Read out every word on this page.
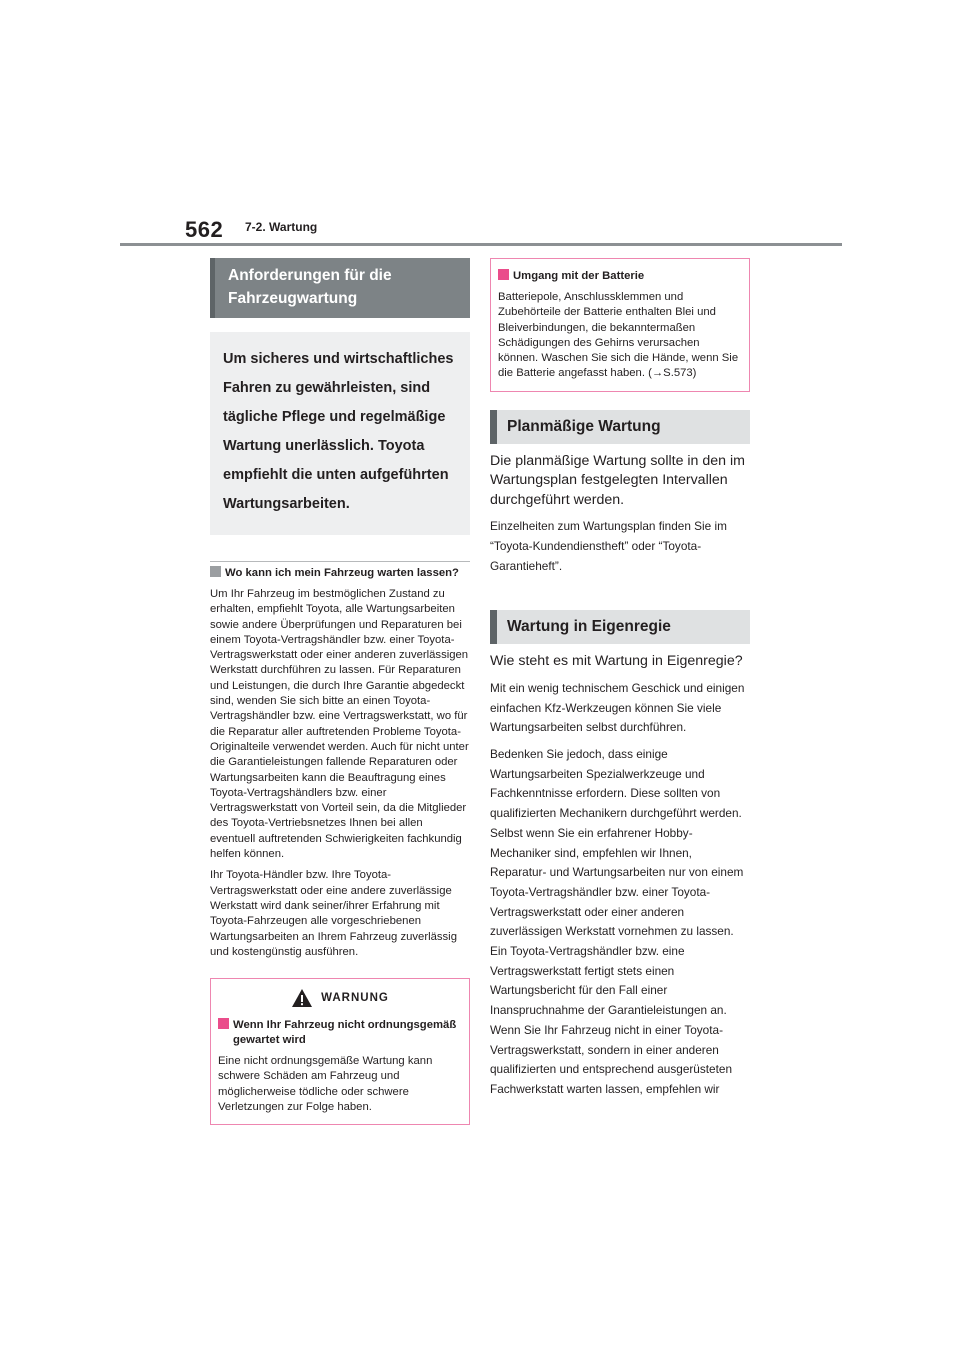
562 7-2. Wartung
Anforderungen für die Fahrzeugwartung
Um sicheres und wirtschaftliches Fahren zu gewährleisten, sind tägliche Pflege und regelmäßige Wartung unerlässlich. Toyota empfiehlt die unten aufgeführten Wartungsarbeiten.
Wo kann ich mein Fahrzeug warten lassen?
Um Ihr Fahrzeug im bestmöglichen Zustand zu erhalten, empfiehlt Toyota, alle Wartungsarbeiten sowie andere Überprüfungen und Reparaturen bei einem Toyota-Vertragshändler bzw. einer Toyota-Vertragswerkstatt oder einer anderen zuverlässigen Werkstatt durchführen zu lassen. Für Reparaturen und Leistungen, die durch Ihre Garantie abgedeckt sind, wenden Sie sich bitte an einen Toyota-Vertragshändler bzw. eine Vertragswerkstatt, wo für die Reparatur aller auftretenden Probleme Toyota-Originalteile verwendet werden. Auch für nicht unter die Garantieleistungen fallende Reparaturen oder Wartungsarbeiten kann die Beauftragung eines Toyota-Vertragshändlers bzw. einer Vertragswerkstatt von Vorteil sein, da die Mitglieder des Toyota-Vertriebsnetzes Ihnen bei allen eventuell auftretenden Schwierigkeiten fachkundig helfen können.
Ihr Toyota-Händler bzw. Ihre Toyota-Vertragswerkstatt oder eine andere zuverlässige Werkstatt wird dank seiner/ihrer Erfahrung mit Toyota-Fahrzeugen alle vorgeschriebenen Wartungsarbeiten an Ihrem Fahrzeug zuverlässig und kostengünstig ausführen.
WARNUNG
Wenn Ihr Fahrzeug nicht ordnungsgemäß gewartet wird
Eine nicht ordnungsgemäße Wartung kann schwere Schäden am Fahrzeug und möglicherweise tödliche oder schwere Verletzungen zur Folge haben.
Umgang mit der Batterie
Batteriepole, Anschlussklemmen und Zubehörteile der Batterie enthalten Blei und Bleiverbindungen, die bekanntermaßen Schädigungen des Gehirns verursachen können. Waschen Sie sich die Hände, wenn Sie die Batterie angefasst haben. (→S.573)
Planmäßige Wartung
Die planmäßige Wartung sollte in den im Wartungsplan festgelegten Intervallen durchgeführt werden.
Einzelheiten zum Wartungsplan finden Sie im “Toyota-Kundendienstheft” oder “Toyota-Garantieheft”.
Wartung in Eigenregie
Wie steht es mit Wartung in Eigenregie?
Mit ein wenig technischem Geschick und einigen einfachen Kfz-Werkzeugen können Sie viele Wartungsarbeiten selbst durchführen.
Bedenken Sie jedoch, dass einige Wartungsarbeiten Spezialwerkzeuge und Fachkenntnisse erfordern. Diese sollten von qualifizierten Mechanikern durchgeführt werden. Selbst wenn Sie ein erfahrener Hobby-Mechaniker sind, empfehlen wir Ihnen, Reparatur- und Wartungsarbeiten nur von einem Toyota-Vertragshändler bzw. einer Toyota-Vertragswerkstatt oder einer anderen zuverlässigen Werkstatt vornehmen zu lassen. Ein Toyota-Vertragshändler bzw. eine Vertragswerkstatt fertigt stets einen Wartungsbericht für den Fall einer Inanspruchnahme der Garantieleistungen an. Wenn Sie Ihr Fahrzeug nicht in einer Toyota-Vertragswerkstatt, sondern in einer anderen qualifizierten und entsprechend ausgerüsteten Fachwerkstatt warten lassen, empfehlen wir
